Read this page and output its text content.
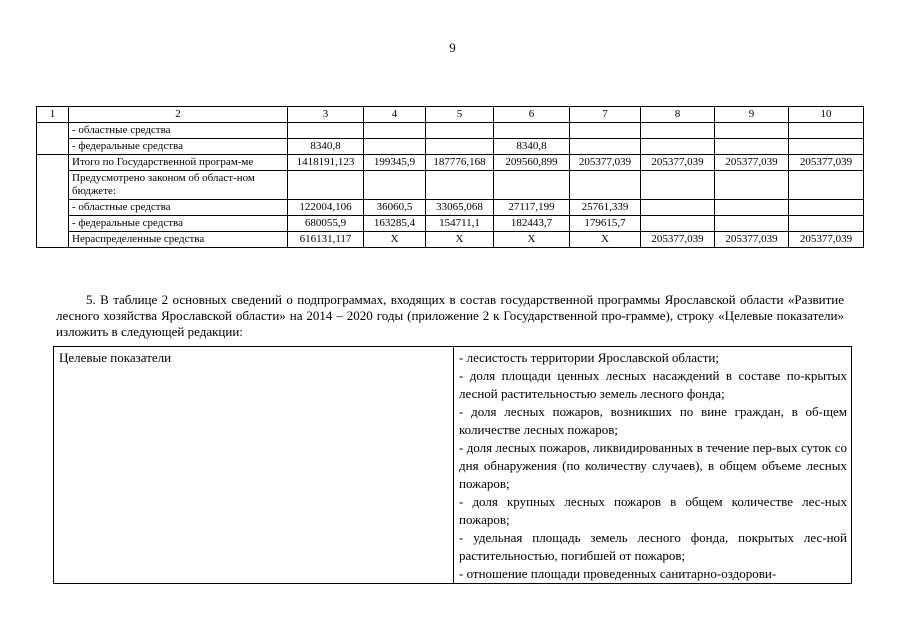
9
1	2	3	4	5	6	7	8	9	10
	- областные средства								
	- федеральные средства	8340,8			8340,8				
	Итого по Государственной програм-ме	1418191,123	199345,9	187776,168	209560,899	205377,039	205377,039	205377,039	205377,039
	Предусмотрено законом об област-ном бюджете:								
	- областные средства	122004,106	36060,5	33065,068	27117,199	25761,339			
	- федеральные средства	680055,9	163285,4	154711,1	182443,7	179615,7			
	Нераспределенные средства	616131,117	Х	Х	Х	Х	205377,039	205377,039	205377,039

5. В таблице 2 основных сведений о подпрограммах, входящих в состав государственной программы Ярославской области «Развитие лесного хозяйства Ярославской области» на 2014 – 2020 годы (приложение 2 к Государственной про-грамме), строку «Целевые показатели» изложить в следующей редакции:

Целевые показатели	- лесистость территории Ярославской области;
- доля площади ценных лесных насаждений в составе по-крытых лесной растительностью земель лесного фонда;
- доля лесных пожаров, возникших по вине граждан, в об-щем количестве лесных пожаров;
- доля лесных пожаров, ликвидированных в течение пер-вых суток со дня обнаружения (по количеству случаев), в общем объеме лесных пожаров;
- доля крупных лесных пожаров в общем количестве лес-ных пожаров;
- удельная площадь земель лесного фонда, покрытых лес-ной растительностью, погибшей от пожаров;
- отношение площади проведенных санитарно-оздорови-
